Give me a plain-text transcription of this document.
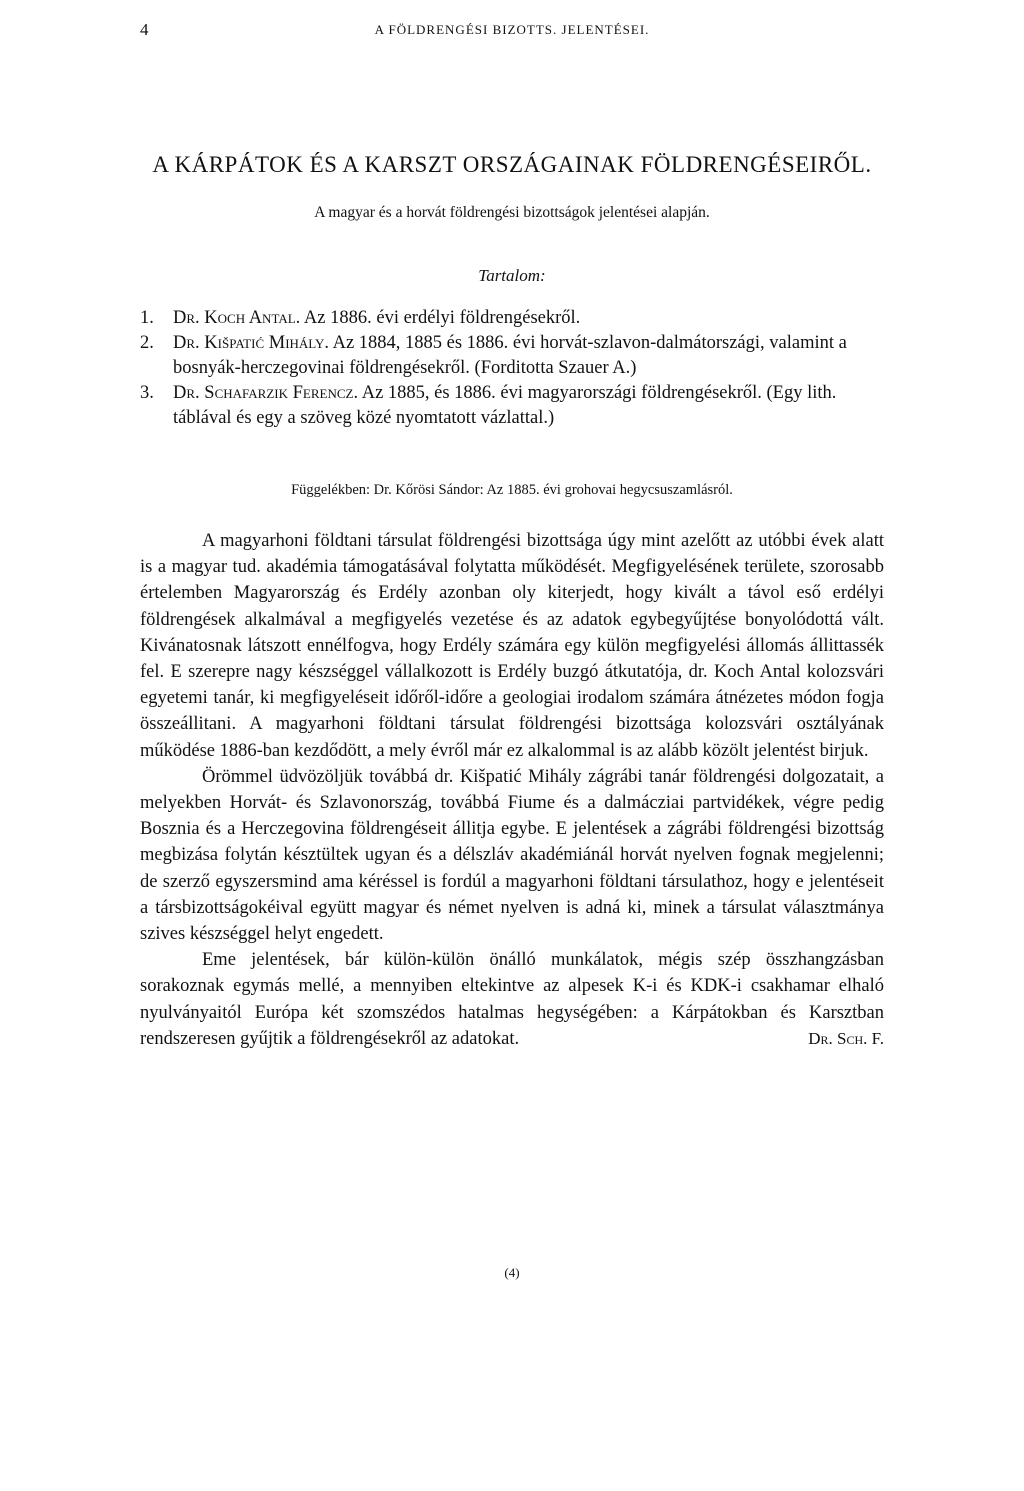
4	A FÖLDRENGÉSI BIZOTTS. JELENTÉSEI.
A KÁRPÁTOK ÉS A KARSZT ORSZÁGAINAK FÖLDRENGÉSEIRŐL.
A magyar és a horvát földrengési bizottságok jelentései alapján.
Tartalom:
1. Dr. Koch Antal. Az 1886. évi erdélyi földrengésekről.
2. Dr. Kišpatić Mihály. Az 1884, 1885 és 1886. évi horvát-szlavon-dalmátországi, valamint a bosnyák-herczegovinai földrengésekről. (Forditotta Szauer A.)
3. Dr. Schafarzik Ferencz. Az 1885, és 1886. évi magyarországi földrengésekről. (Egy lith. táblával és egy a szöveg közé nyomtatott vázlattal.)
Függelékben: Dr. Kőrösi Sándor: Az 1885. évi grohovai hegycsuszamlásról.

A magyarhoni földtani társulat földrengési bizottsága úgy mint azelőtt az utóbbi évek alatt is a magyar tud. akadémia támogatásával folytatta működését. Megfigyelésének területe, szorosabb értelemben Magyarország és Erdély azonban oly kiterjedt, hogy kivált a távol eső erdélyi földrengések alkalmával a megfigyelés vezetése és az adatok egybegyűjtése bonyolódottá vált. Kivánatosnak látszott ennélfogva, hogy Erdély számára egy külön megfigyelési állomás állittassék fel. E szerepre nagy készséggel vállalkozott is Erdély buzgó átkutatója, dr. Koch Antal kolozsvári egyetemi tanár, ki megfigyeléseit időről-időre a geologiai irodalom számára átnézetes módon fogja összeállitani. A magyarhoni földtani társulat földrengési bizottsága kolozsvári osztályának működése 1886-ban kezdődött, a mely évről már ez alkalommal is az alább közölt jelentést birjuk.

Örömmel üdvözöljük továbbá dr. Kišpatić Mihály zágrábi tanár földrengési dolgozatait, a melyekben Horvát- és Szlavonország, továbbá Fiume és a dalmácziai partvidékek, végre pedig Bosznia és a Herczegovina földrengéseit állitja egybe. E jelentések a zágrábi földrengési bizottság megbizása folytán késztültek ugyan és a délszláv akadémiánál horvát nyelven fognak megjelenni; de szerző egyszersmind ama kéréssel is fordúl a magyarhoni földtani társulathoz, hogy e jelentéseit a társbizottságokéival együtt magyar és német nyelven is adná ki, minek a társulat választmánya szives készséggel helyt engedett.

Eme jelentések, bár külön-külön önálló munkálatok, mégis szép összhangzásban sorakoznak egymás mellé, a mennyiben eltekintve az alpesek K-i és KDK-i csakhamar elhaló nyulványaitól Európa két szomszédos hatalmas hegységében: a Kárpátokban és Karsztban rendszeresen gyűjtik a földrengésekről az adatokat.	Dr. Sch. F.

(4)
